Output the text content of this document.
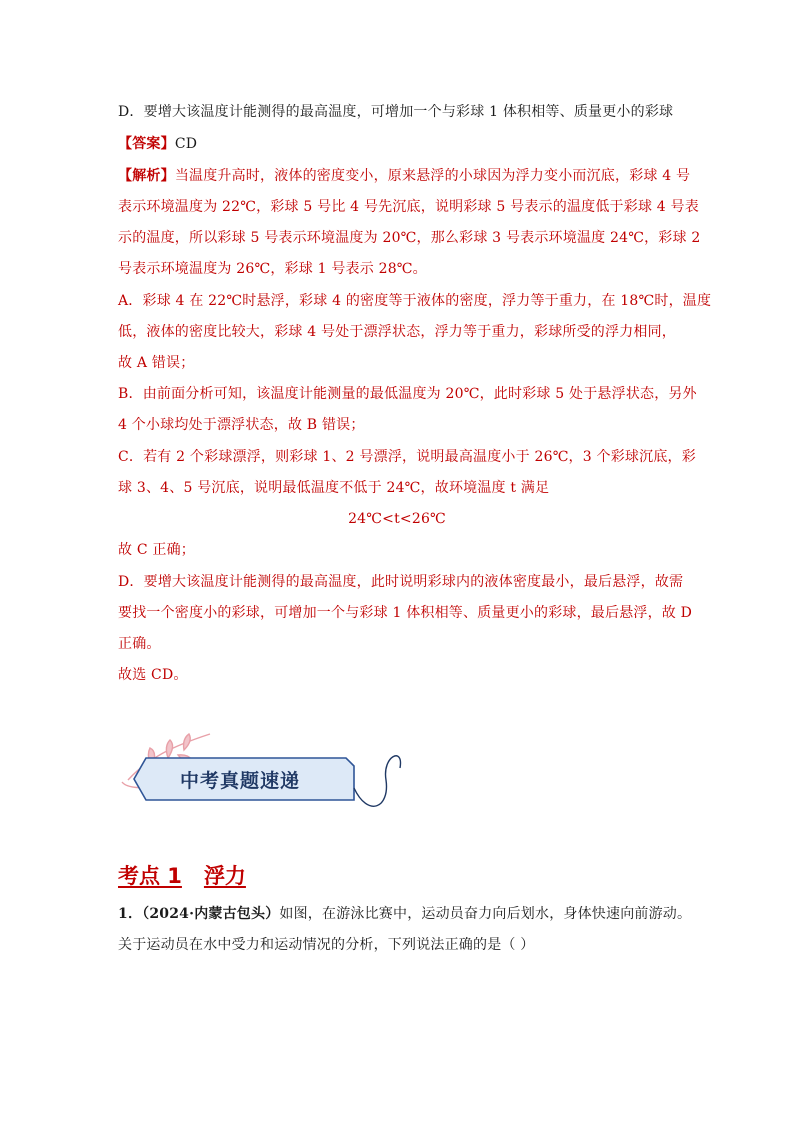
D．要增大该温度计能测得的最高温度，可增加一个与彩球 1 体积相等、质量更小的彩球
【答案】CD
【解析】当温度升高时，液体的密度变小，原来悬浮的小球因为浮力变小而沉底，彩球 4 号
表示环境温度为 22℃，彩球 5 号比 4 号先沉底，说明彩球 5 号表示的温度低于彩球 4 号表
示的温度，所以彩球 5 号表示环境温度为 20℃，那么彩球 3 号表示环境温度 24℃，彩球 2
号表示环境温度为 26℃，彩球 1 号表示 28℃。
A．彩球 4 在 22℃时悬浮，彩球 4 的密度等于液体的密度，浮力等于重力，在 18℃时，温度
低，液体的密度比较大，彩球 4 号处于漂浮状态，浮力等于重力，彩球所受的浮力相同，
故 A 错误；
B．由前面分析可知，该温度计能测量的最低温度为 20℃，此时彩球 5 处于悬浮状态，另外
4 个小球均处于漂浮状态，故 B 错误；
C．若有 2 个彩球漂浮，则彩球 1、2 号漂浮，说明最高温度小于 26℃，3 个彩球沉底，彩
球 3、4、5 号沉底，说明最低温度不低于 24℃，故环境温度 t 满足
24℃<t<26℃
故 C 正确；
D．要增大该温度计能测得的最高温度，此时说明彩球内的液体密度最小，最后悬浮，故需
要找一个密度小的彩球，可增加一个与彩球 1 体积相等、质量更小的彩球，最后悬浮，故 D
正确。
故选 CD。
中考真题速递
考点 1 浮力
1．（2024·内蒙古包头）如图，在游泳比赛中，运动员奋力向后划水，身体快速向前游动。
关于运动员在水中受力和运动情况的分析，下列说法正确的是（ ）
